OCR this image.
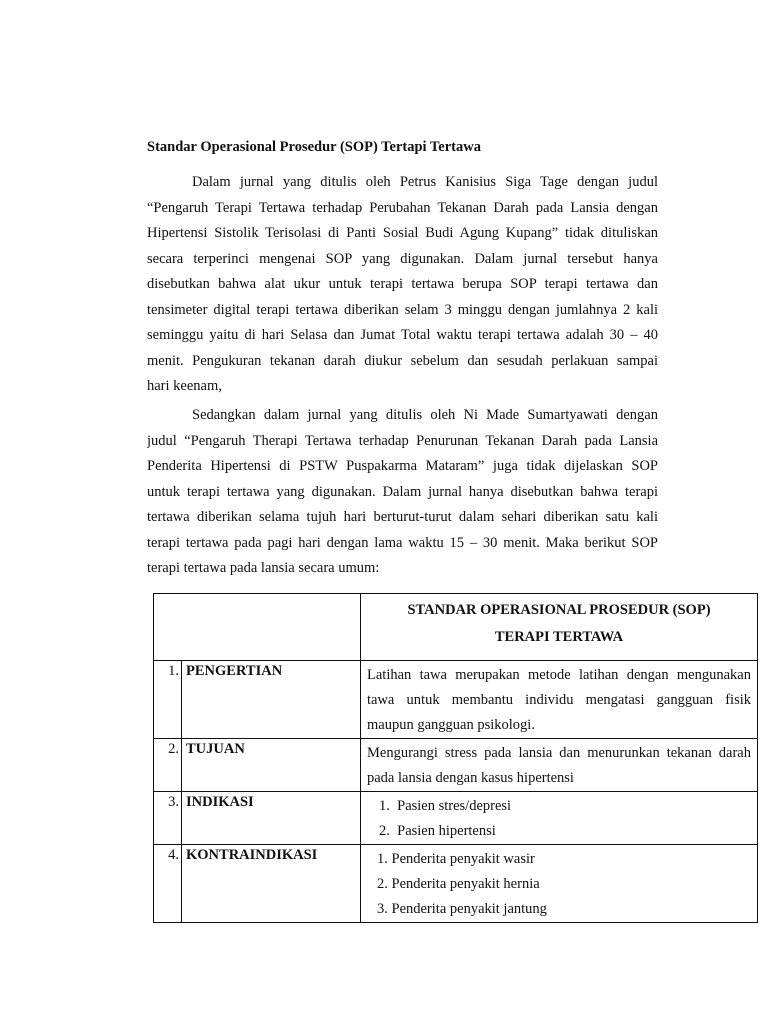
Standar Operasional Prosedur (SOP) Tertapi Tertawa
Dalam jurnal yang ditulis oleh Petrus Kanisius Siga Tage dengan judul
“Pengaruh Terapi Tertawa terhadap Perubahan Tekanan Darah pada Lansia dengan
Hipertensi Sistolik Terisolasi di Panti Sosial Budi Agung Kupang” tidak dituliskan
secara terperinci mengenai SOP yang digunakan. Dalam jurnal tersebut hanya
disebutkan bahwa alat ukur untuk terapi tertawa berupa SOP terapi tertawa dan
tensimeter digital terapi tertawa diberikan selam 3 minggu dengan jumlahnya 2 kali
seminggu yaitu di hari Selasa dan Jumat Total waktu terapi tertawa adalah 30 – 40
menit. Pengukuran tekanan darah diukur sebelum dan sesudah perlakuan sampai
hari keenam,
Sedangkan dalam jurnal yang ditulis oleh Ni Made Sumartyawati dengan
judul “Pengaruh Therapi Tertawa terhadap Penurunan Tekanan Darah pada Lansia
Penderita Hipertensi di PSTW Puspakarma Mataram” juga tidak dijelaskan SOP
untuk terapi tertawa yang digunakan. Dalam jurnal hanya disebutkan bahwa terapi
tertawa diberikan selama tujuh hari berturut-turut dalam sehari diberikan satu kali
terapi tertawa pada pagi hari dengan lama waktu 15 – 30 menit. Maka berikut SOP
terapi tertawa pada lansia secara umum:

		STANDAR OPERASIONAL PROSEDUR (SOP)
TERAPI TERTAWA

1.	PENGERTIAN	Latihan tawa merupakan metode latihan dengan mengunakan
tawa untuk membantu individu mengatasi gangguan fisik
maupun gangguan psikologi.

2.	TUJUAN	Mengurangi stress pada lansia dan menurunkan tekanan darah
pada lansia dengan kasus hipertensi

3.	INDIKASI	1.  Pasien stres/depresi
2.  Pasien hipertensi

4.	KONTRAINDIKASI	1. Penderita penyakit wasir
2. Penderita penyakit hernia
3. Penderita penyakit jantung
